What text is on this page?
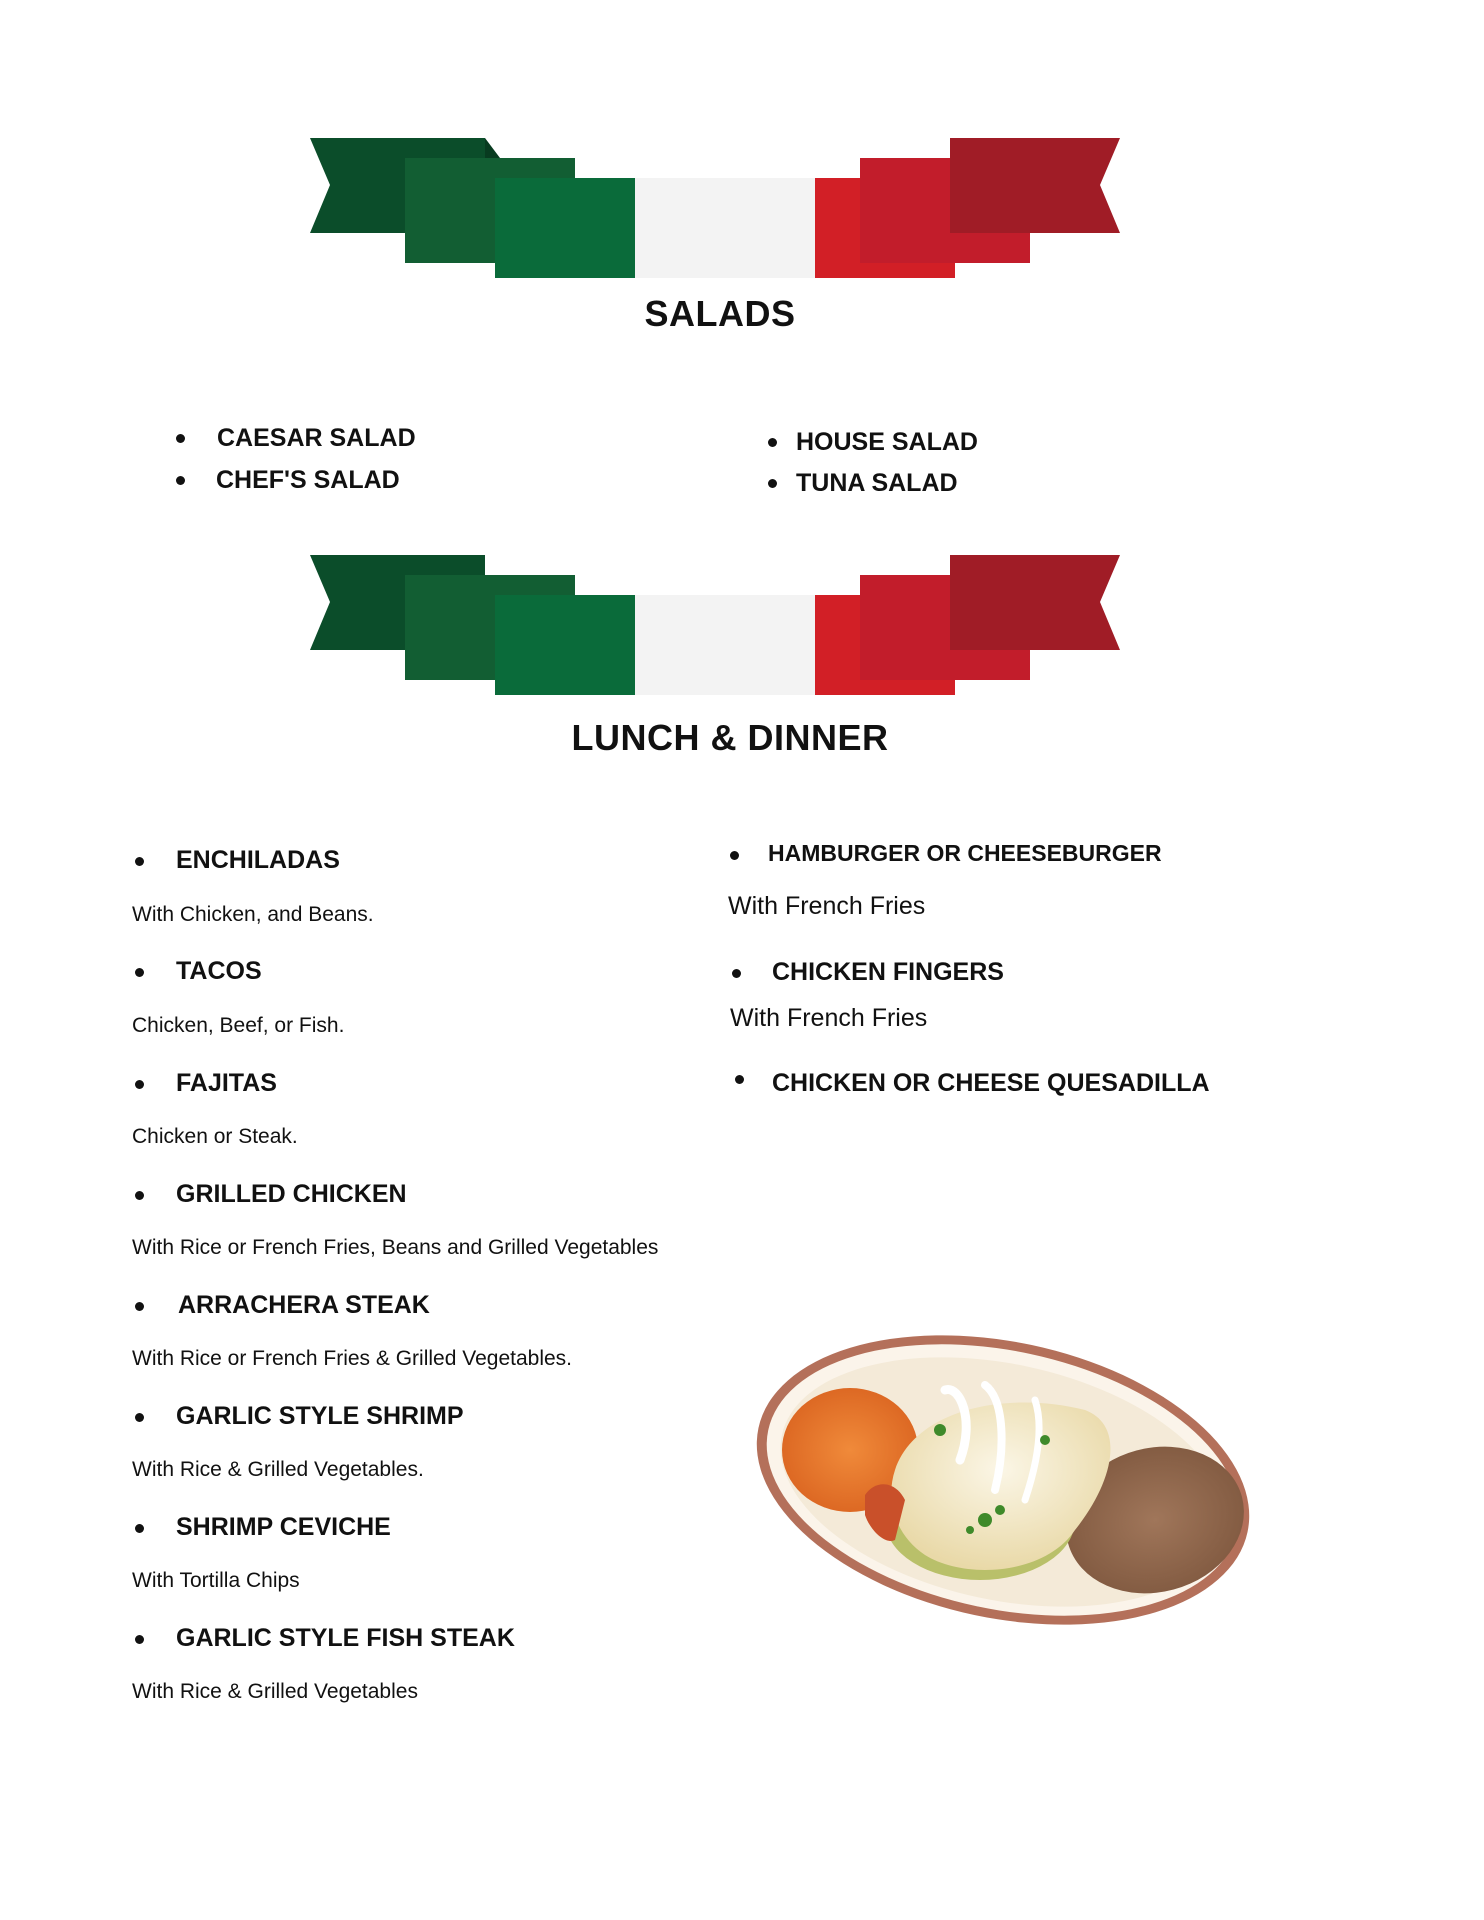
SALADS
CAESAR SALAD
CHEF'S SALAD
HOUSE SALAD
TUNA SALAD
LUNCH & DINNER
ENCHILADAS
With Chicken, and Beans.
TACOS
Chicken, Beef, or Fish.
FAJITAS
Chicken or Steak.
GRILLED CHICKEN
With Rice or French Fries, Beans and Grilled Vegetables
ARRACHERA STEAK
With Rice or French Fries & Grilled Vegetables.
GARLIC STYLE SHRIMP
With Rice & Grilled Vegetables.
SHRIMP CEVICHE
With Tortilla Chips
GARLIC STYLE FISH STEAK
With Rice & Grilled Vegetables
HAMBURGER OR CHEESEBURGER
With French Fries
CHICKEN FINGERS
With French Fries
CHICKEN OR CHEESE QUESADILLA
